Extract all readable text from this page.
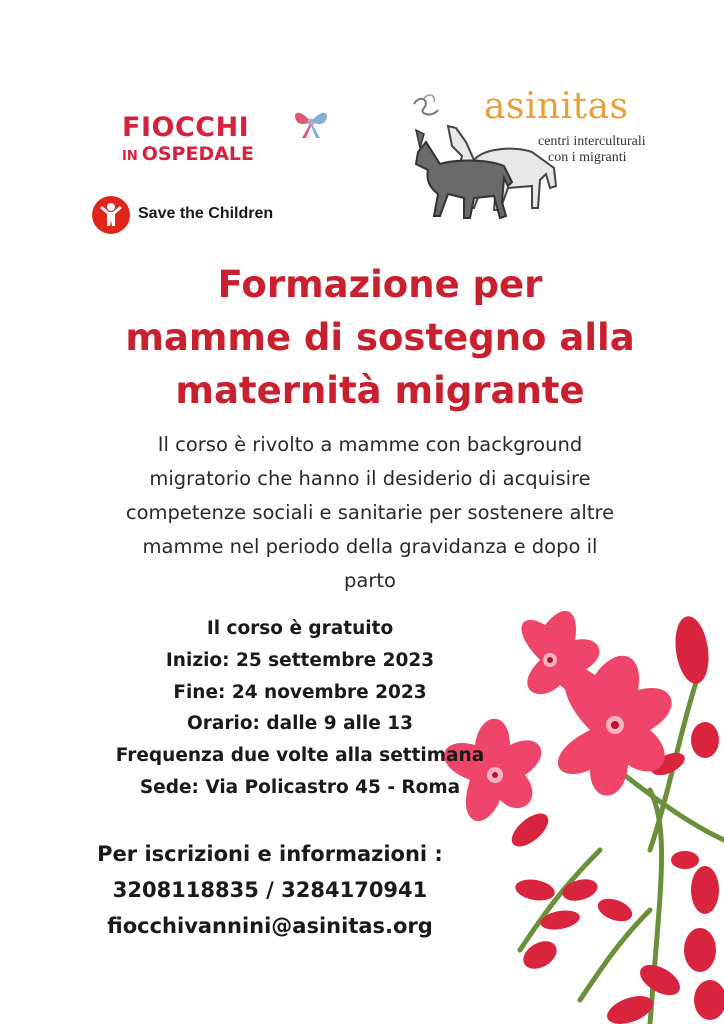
FIOCCHI
IN OSPEDALE
Save the Children
asinitas
centri interculturali
con i migranti
Formazione per
mamme di sostegno alla
maternità migrante
Il corso è rivolto a mamme con background
migratorio che hanno il desiderio di acquisire
competenze sociali e sanitarie per sostenere altre
mamme nel periodo della gravidanza e dopo il
parto
Il corso è gratuito
Inizio: 25 settembre 2023
Fine: 24 novembre 2023
Orario: dalle 9 alle 13
Frequenza due volte alla settimana
Sede: Via Policastro 45 - Roma
Per iscrizioni e informazioni :
3208118835 / 3284170941
fiocchivannini@asinitas.org
